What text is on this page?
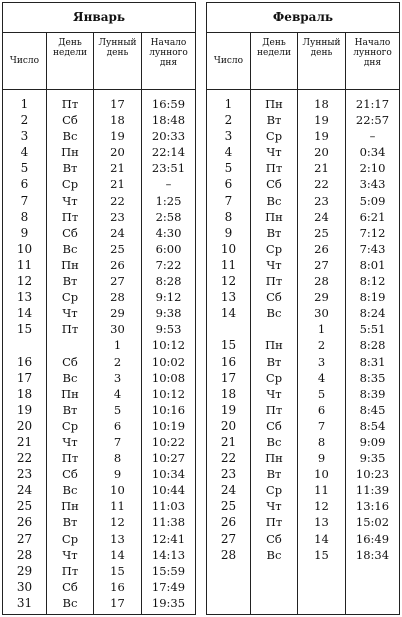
Январь
Число
День недели
Лунный день
Начало лунного дня
1
2
3
4
5
6
7
8
9
10
11
12
13
14
15
16
17
18
19
20
21
22
23
24
25
26
27
28
29
30
31
Пт
Сб
Вс
Пн
Вт
Ср
Чт
Пт
Сб
Вс
Пн
Вт
Ср
Чт
Пт
Сб
Вс
Пн
Вт
Ср
Чт
Пт
Сб
Вс
Пн
Вт
Ср
Чт
Пт
Сб
Вс
17
18
19
20
21
21
22
23
24
25
26
27
28
29
30
1
2
3
4
5
6
7
8
9
10
11
12
13
14
15
16
17
16:59
18:48
20:33
22:14
23:51
–
1:25
2:58
4:30
6:00
7:22
8:28
9:12
9:38
9:53
10:12
10:02
10:08
10:12
10:16
10:19
10:22
10:27
10:34
10:44
11:03
11:38
12:41
14:13
15:59
17:49
19:35
Февраль
Число
День недели
Лунный день
Начало лунного дня
1
2
3
4
5
6
7
8
9
10
11
12
13
14
15
16
17
18
19
20
21
22
23
24
25
26
27
28
Пн
Вт
Ср
Чт
Пт
Сб
Вс
Пн
Вт
Ср
Чт
Пт
Сб
Вс
Пн
Вт
Ср
Чт
Пт
Сб
Вс
Пн
Вт
Ср
Чт
Пт
Сб
Вс
18
19
19
20
21
22
23
24
25
26
27
28
29
30
1
2
3
4
5
6
7
8
9
10
11
12
13
14
15
21:17
22:57
–
0:34
2:10
3:43
5:09
6:21
7:12
7:43
8:01
8:12
8:19
8:24
5:51
8:28
8:31
8:35
8:39
8:45
8:54
9:09
9:35
10:23
11:39
13:16
15:02
16:49
18:34
